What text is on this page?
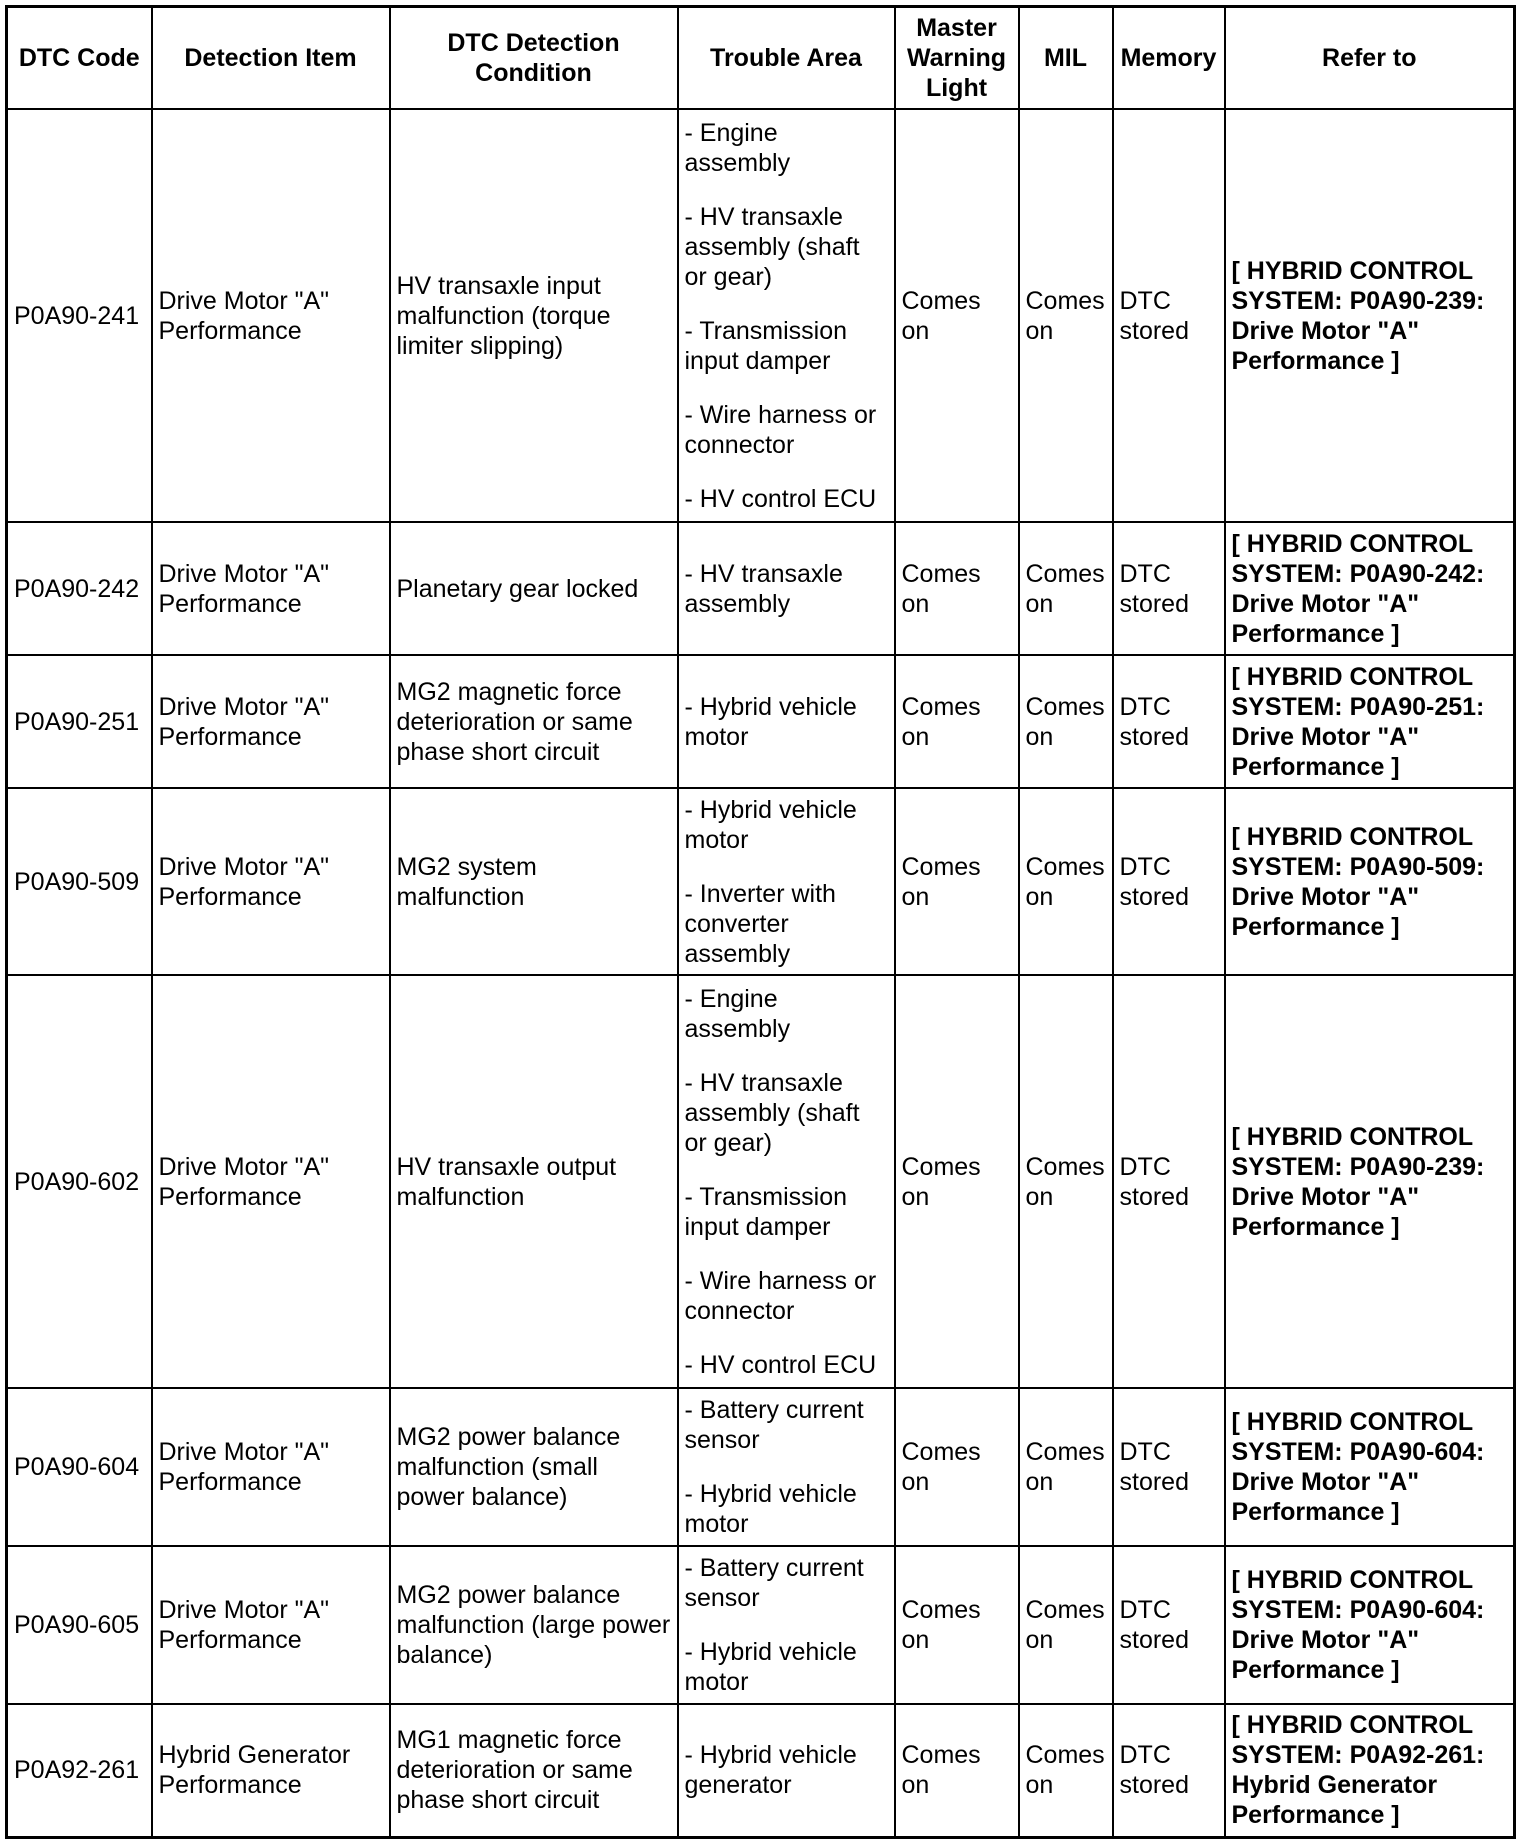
DTC Code	Detection Item	DTC Detection Condition	Trouble Area	Master Warning Light	MIL	Memory	Refer to
P0A90-241	Drive Motor "A" Performance	HV transaxle input malfunction (torque limiter slipping)	- Engine assembly
- HV transaxle assembly (shaft or gear)
- Transmission input damper
- Wire harness or connector
- HV control ECU	Comes on	Comes on	DTC stored	[ HYBRID CONTROL SYSTEM: P0A90-239: Drive Motor "A" Performance ]
P0A90-242	Drive Motor "A" Performance	Planetary gear locked	- HV transaxle assembly	Comes on	Comes on	DTC stored	[ HYBRID CONTROL SYSTEM: P0A90-242: Drive Motor "A" Performance ]
P0A90-251	Drive Motor "A" Performance	MG2 magnetic force deterioration or same phase short circuit	- Hybrid vehicle motor	Comes on	Comes on	DTC stored	[ HYBRID CONTROL SYSTEM: P0A90-251: Drive Motor "A" Performance ]
P0A90-509	Drive Motor "A" Performance	MG2 system malfunction	- Hybrid vehicle motor
- Inverter with converter assembly	Comes on	Comes on	DTC stored	[ HYBRID CONTROL SYSTEM: P0A90-509: Drive Motor "A" Performance ]
P0A90-602	Drive Motor "A" Performance	HV transaxle output malfunction	- Engine assembly
- HV transaxle assembly (shaft or gear)
- Transmission input damper
- Wire harness or connector
- HV control ECU	Comes on	Comes on	DTC stored	[ HYBRID CONTROL SYSTEM: P0A90-239: Drive Motor "A" Performance ]
P0A90-604	Drive Motor "A" Performance	MG2 power balance malfunction (small power balance)	- Battery current sensor
- Hybrid vehicle motor	Comes on	Comes on	DTC stored	[ HYBRID CONTROL SYSTEM: P0A90-604: Drive Motor "A" Performance ]
P0A90-605	Drive Motor "A" Performance	MG2 power balance malfunction (large power balance)	- Battery current sensor
- Hybrid vehicle motor	Comes on	Comes on	DTC stored	[ HYBRID CONTROL SYSTEM: P0A90-604: Drive Motor "A" Performance ]
P0A92-261	Hybrid Generator Performance	MG1 magnetic force deterioration or same phase short circuit	- Hybrid vehicle generator	Comes on	Comes on	DTC stored	[ HYBRID CONTROL SYSTEM: P0A92-261: Hybrid Generator Performance ]
